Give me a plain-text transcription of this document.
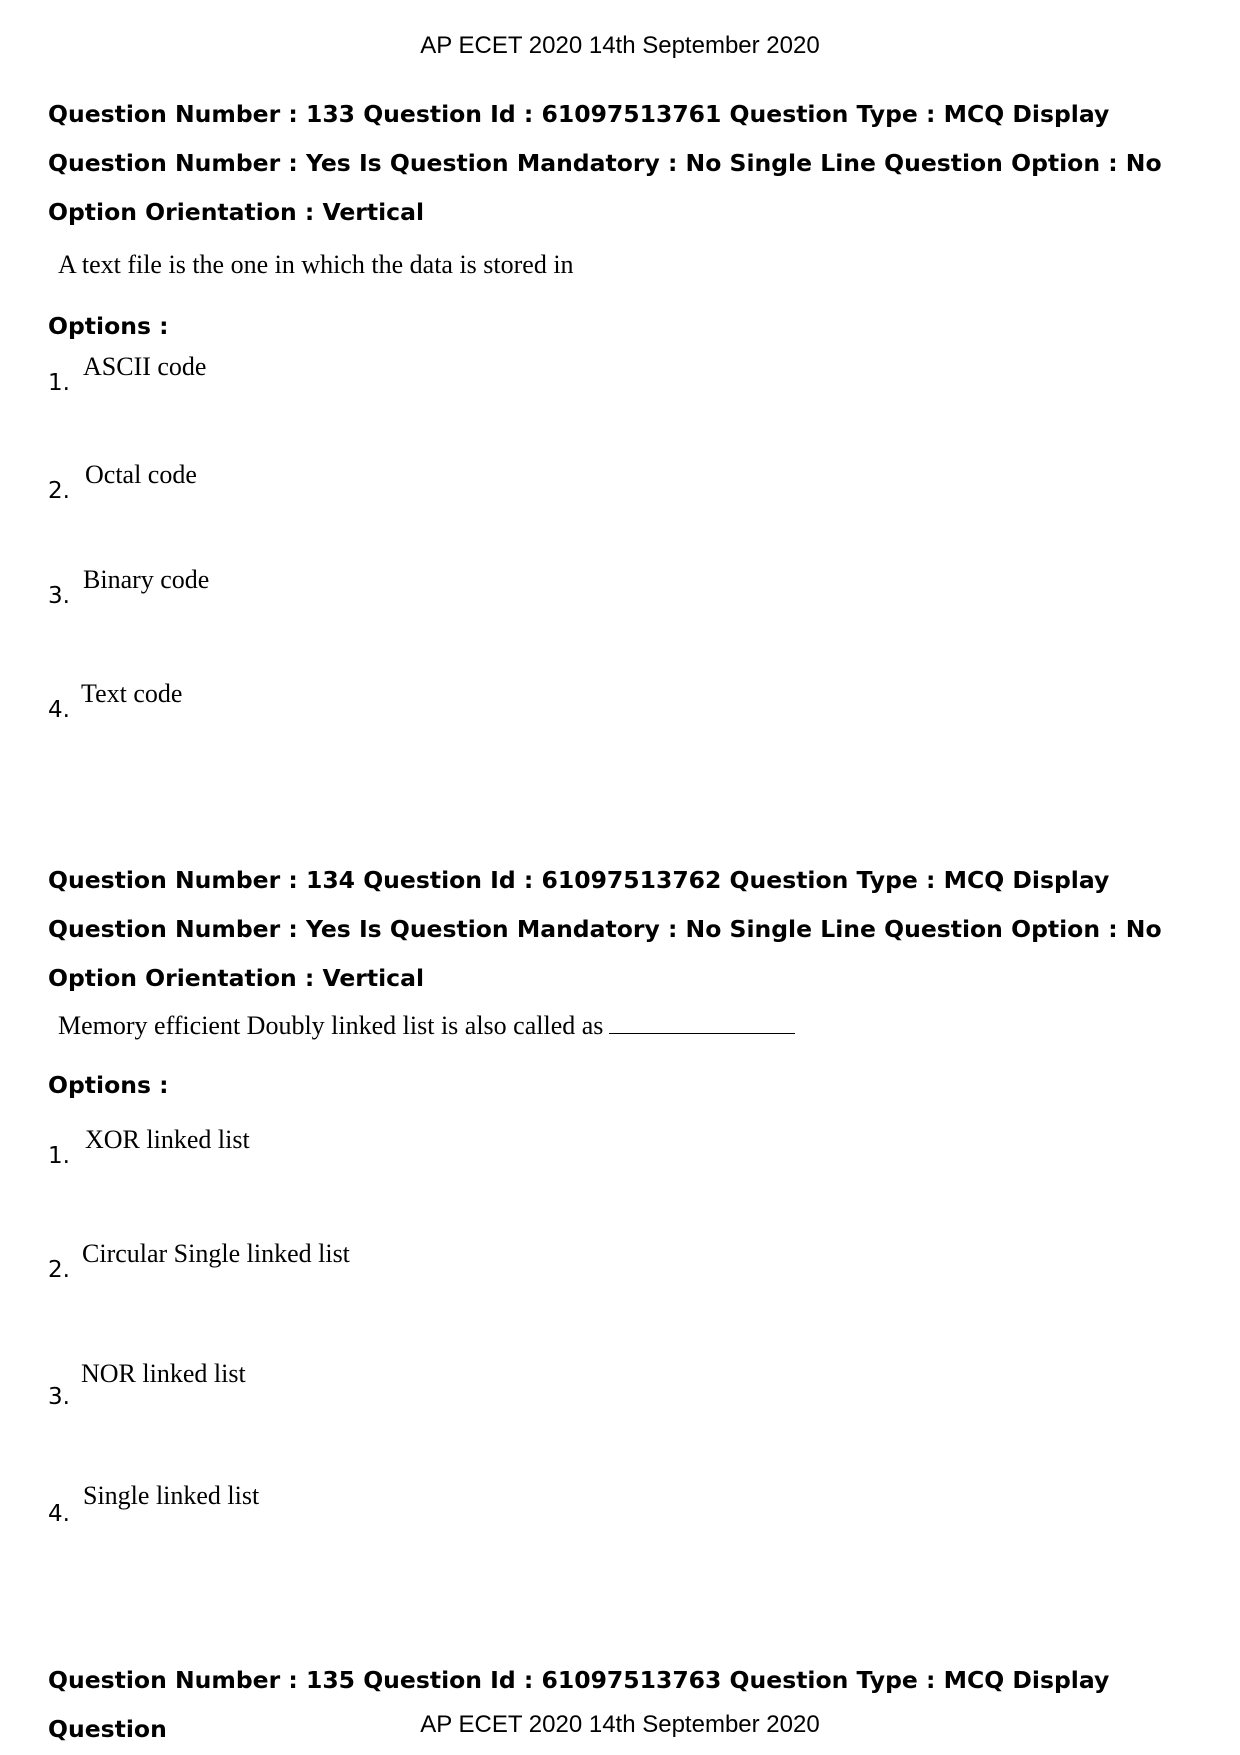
AP ECET 2020 14th September 2020

Question Number : 133 Question Id : 61097513761 Question Type : MCQ Display Question Number : Yes Is Question Mandatory : No Single Line Question Option : No Option Orientation : Vertical

A text file is the one in which the data is stored in

Options :

1.
ASCII code
2.
Octal code
3.
Binary code
4.
Text code

Question Number : 134 Question Id : 61097513762 Question Type : MCQ Display Question Number : Yes Is Question Mandatory : No Single Line Question Option : No Option Orientation : Vertical

Memory efficient Doubly linked list is also called as

Options :

1.
XOR linked list
2.
Circular Single linked list
3.
NOR linked list
4.
Single linked list

Question Number : 135 Question Id : 61097513763 Question Type : MCQ Display Question	AP ECET 2020 14th September 2020
